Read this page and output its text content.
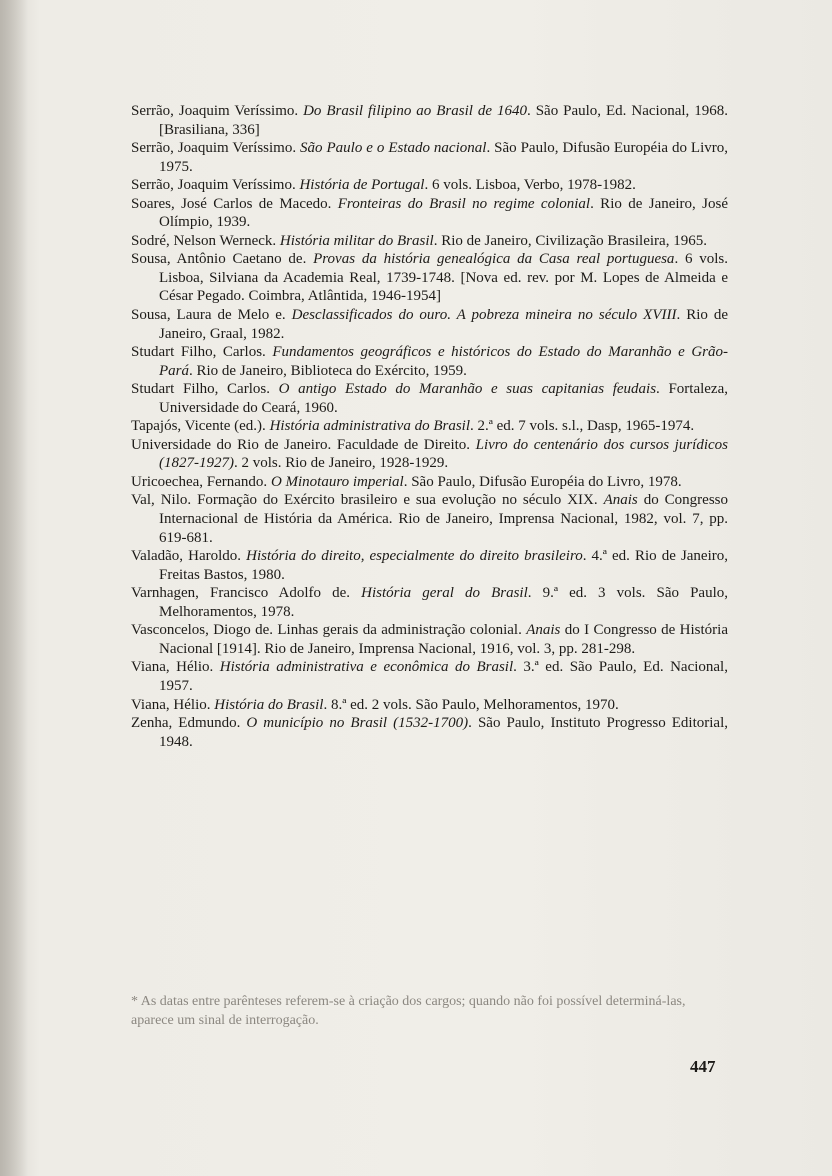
Serrão, Joaquim Veríssimo. Do Brasil filipino ao Brasil de 1640. São Paulo, Ed. Nacional, 1968. [Brasiliana, 336]

Serrão, Joaquim Veríssimo. São Paulo e o Estado nacional. São Paulo, Difusão Européia do Livro, 1975.

Serrão, Joaquim Veríssimo. História de Portugal. 6 vols. Lisboa, Verbo, 1978-1982.

Soares, José Carlos de Macedo. Fronteiras do Brasil no regime colonial. Rio de Janeiro, José Olímpio, 1939.

Sodré, Nelson Werneck. História militar do Brasil. Rio de Janeiro, Civilização Brasileira, 1965.

Sousa, Antônio Caetano de. Provas da história genealógica da Casa real portuguesa. 6 vols. Lisboa, Silviana da Academia Real, 1739-1748. [Nova ed. rev. por M. Lopes de Almeida e César Pegado. Coimbra, Atlântida, 1946-1954]

Sousa, Laura de Melo e. Desclassificados do ouro. A pobreza mineira no século XVIII. Rio de Janeiro, Graal, 1982.

Studart Filho, Carlos. Fundamentos geográficos e históricos do Estado do Maranhão e Grão-Pará. Rio de Janeiro, Biblioteca do Exército, 1959.

Studart Filho, Carlos. O antigo Estado do Maranhão e suas capitanias feudais. Fortaleza, Universidade do Ceará, 1960.

Tapajós, Vicente (ed.). História administrativa do Brasil. 2.ª ed. 7 vols. s.l., Dasp, 1965-1974.

Universidade do Rio de Janeiro. Faculdade de Direito. Livro do centenário dos cursos jurídicos (1827-1927). 2 vols. Rio de Janeiro, 1928-1929.

Uricoechea, Fernando. O Minotauro imperial. São Paulo, Difusão Européia do Livro, 1978.

Val, Nilo. Formação do Exército brasileiro e sua evolução no século XIX. Anais do Congresso Internacional de História da América. Rio de Janeiro, Imprensa Nacional, 1982, vol. 7, pp. 619-681.

Valadão, Haroldo. História do direito, especialmente do direito brasileiro. 4.ª ed. Rio de Janeiro, Freitas Bastos, 1980.

Varnhagen, Francisco Adolfo de. História geral do Brasil. 9.ª ed. 3 vols. São Paulo, Melhoramentos, 1978.

Vasconcelos, Diogo de. Linhas gerais da administração colonial. Anais do I Congresso de História Nacional [1914]. Rio de Janeiro, Imprensa Nacional, 1916, vol. 3, pp. 281-298.

Viana, Hélio. História administrativa e econômica do Brasil. 3.ª ed. São Paulo, Ed. Nacional, 1957.

Viana, Hélio. História do Brasil. 8.ª ed. 2 vols. São Paulo, Melhoramentos, 1970.

Zenha, Edmundo. O município no Brasil (1532-1700). São Paulo, Instituto Progresso Editorial, 1948.

* As datas entre parênteses referem-se à criação dos cargos; quando não foi possível determiná-las, aparece um sinal de interrogação.
447
